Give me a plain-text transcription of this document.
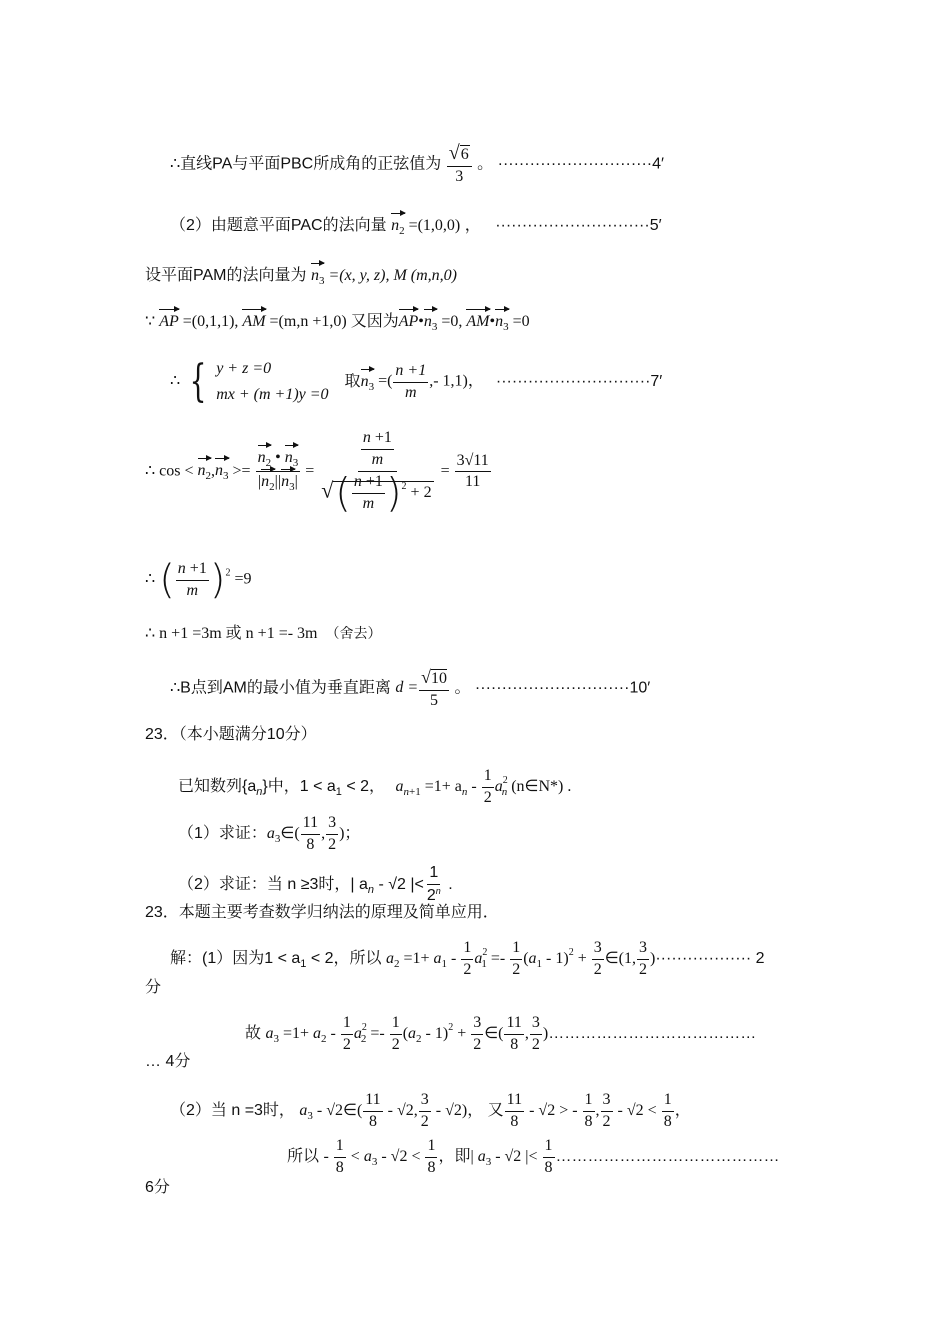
∴直线PA与平面PBC所成角的正弦值为 $\frac{√6}{3}$ 。 ·····························4′
（2）由题意平面PAC的法向量 $n_2 =(1,0,0)$ ， ·····························5′
设平面PAM的法向量为 $n_3 =(x$, y, z), M (m,n,0)
∵ AP =(0,1,1), AM =(m,n +1,0) 又因为$AP•n_3 =0$, $AM•n_3 =0$
∴ { y + z =0
mx + (m +1)y =0
取$n_3$ =( $\frac{n +1}{m}$ ,- 1,1)， ·····························7′
∴ $\cos < n_2,n_3 >= \frac{n_2 • n_3}{|n_2||n_3|} = \frac{\frac{n +1}{m}}{√( \frac{n +1}{m} )^2 + 2} = \frac{3√11}{11}$
∴ ( $\frac{n +1}{m} )^2 =9$
∴ n +1 =3m 或 n +1 =- 3m （舍去）
∴B点到AM的最小值为垂直距离 $d = \frac{√10}{5}$ 。 ·····························10′
23．（本小题满分10分）
已知数列$\{a_n\}$中，$1 < a_1 < 2$， $a_{n+1} =1+ a_n - \frac{1}{2} a^2_n$ (n∈N*) .
（1）求证：$a_3\in( \frac{11}{8}$ , $\frac{3}{2}$ )；
（2）求证：当 n ≥3时，| $a_n - √2$ |< $\frac{1}{2^n}$ .
23．本题主要考查数学归纳法的原理及简单应用．
解：(1）因为$1 < a_1 < 2$，所以 $a_2 =1+ a_1 - \frac{1}{2} a^2_1 =- \frac{1}{2} (a_1 - 1)^2 + \frac{3}{2}$ ∈(1, $\frac{3}{2}$ )·················· 2
分
故 $a_3 =1+ a_2 - \frac{1}{2} a^2_2 =- \frac{1}{2} (a_2 - 1)^2 + \frac{3}{2}$ ∈( $\frac{11}{8}$ , $\frac{3}{2}$ )…………………………………
… 4分
（2）当 n =3时， $a_3$ - √2∈( $\frac{11}{8} - √2$, $\frac{3}{2} - √2$)， 又 $\frac{11}{8} - √2$ > - $\frac{1}{8}$ , $\frac{3}{2} - √2 < \frac{1}{8}$ ，
所以 - $\frac{1}{8} < a_3 - √2 < \frac{1}{8}$ ，即| $a_3 - √2$ |< $\frac{1}{8}$ ……………………………………
6分
